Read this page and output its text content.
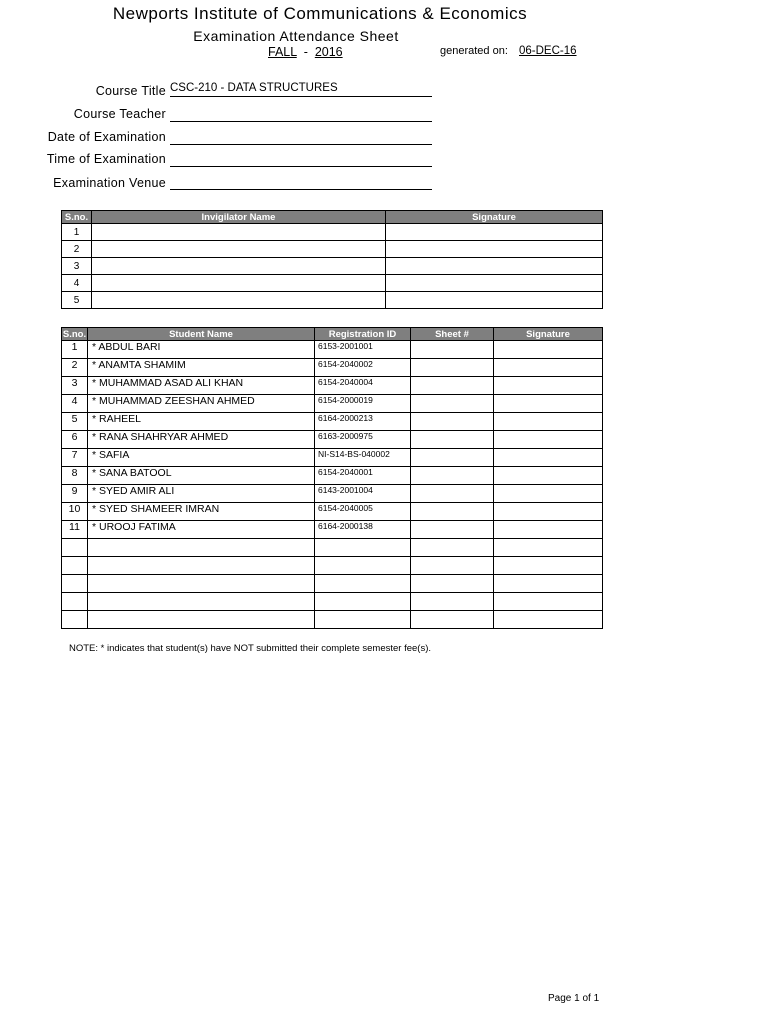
Newports Institute of Communications & Economics
Examination Attendance Sheet
FALL - 2016	generated on: 06-DEC-16
Course Title CSC-210 - DATA STRUCTURES
Course Teacher
Date of Examination
Time of Examination
Examination Venue
S.no.	Invigilator Name	Signature
1		
2		
3		
4		
5		
S.no.	Student Name	Registration ID	Sheet #	Signature
1	* ABDUL BARI	6153-2001001		
2	* ANAMTA SHAMIM	6154-2040002		
3	* MUHAMMAD ASAD ALI KHAN	6154-2040004		
4	* MUHAMMAD ZEESHAN AHMED	6154-2000019		
5	* RAHEEL	6164-2000213		
6	* RANA SHAHRYAR AHMED	6163-2000975		
7	* SAFIA	NI-S14-BS-040002		
8	* SANA BATOOL	6154-2040001		
9	* SYED AMIR ALI	6143-2001004		
10	* SYED SHAMEER IMRAN	6154-2040005		
11	* UROOJ FATIMA	6164-2000138		

NOTE: * indicates that student(s) have NOT submitted their complete semester fee(s).
Page 1 of 1
